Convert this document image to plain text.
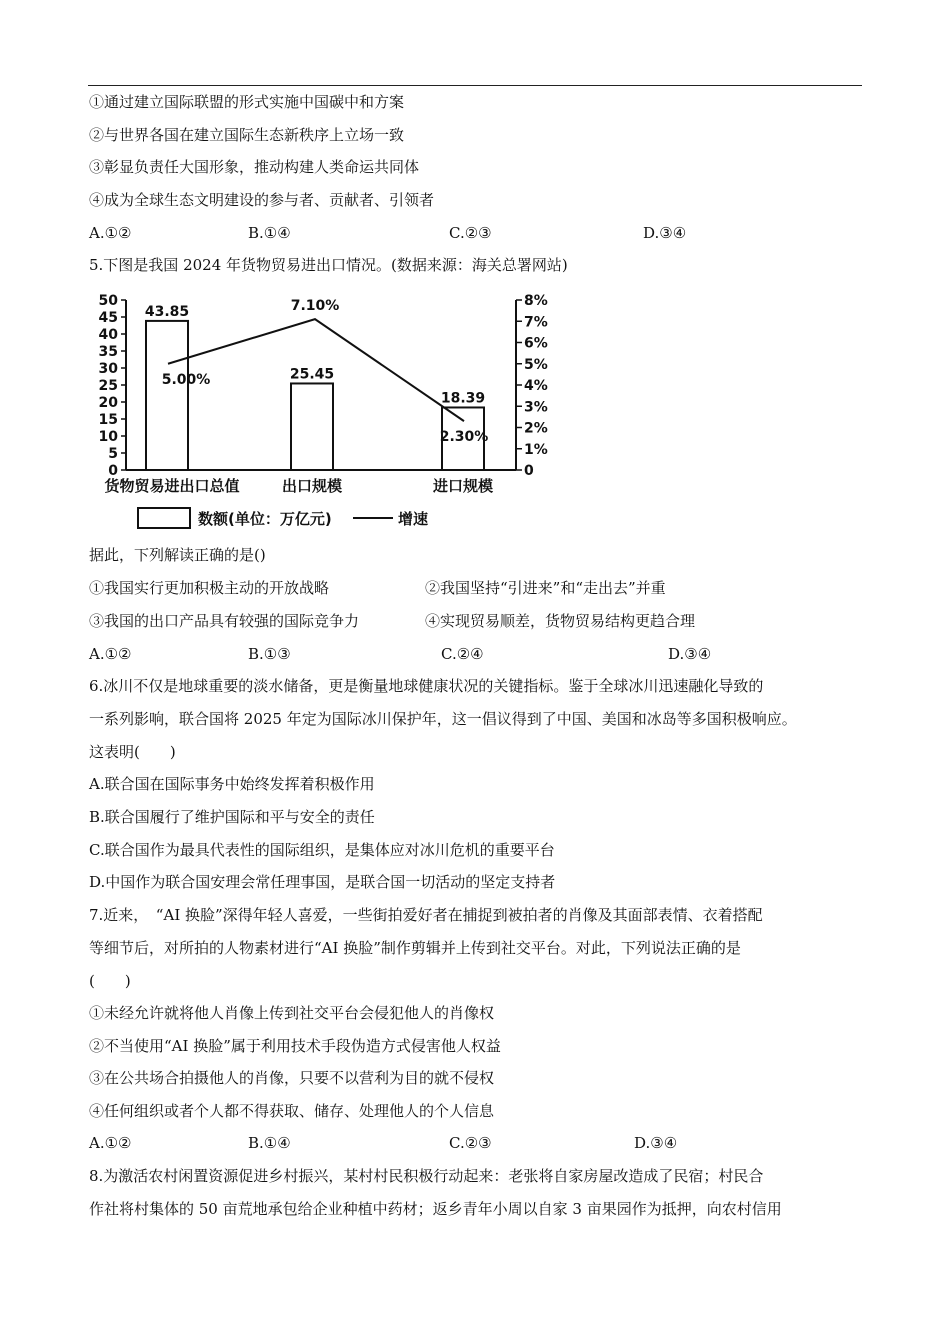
①通过建立国际联盟的形式实施中国碳中和方案
②与世界各国在建立国际生态新秩序上立场一致
③彰显负责任大国形象，推动构建人类命运共同体
④成为全球生态文明建设的参与者、贡献者、引领者
A.①②	B.①④	C.②③	D.③④
5.下图是我国 2024 年货物贸易进出口情况。(数据来源：海关总署网站)
0
5
10
15
20
25
30
35
40
45
50
0
1%
2%
3%
4%
5%
6%
7%
8%
43.85
25.45
18.39
5.00%
7.10%
2.30%
货物贸易进出口总值	出口规模	进口规模
数额(单位：万亿元)	增速
据此，下列解读正确的是()
①我国实行更加积极主动的开放战略	②我国坚持“引进来”和“走出去”并重
③我国的出口产品具有较强的国际竞争力	④实现贸易顺差，货物贸易结构更趋合理
A.①②	B.①③	C.②④	D.③④
6.冰川不仅是地球重要的淡水储备，更是衡量地球健康状况的关键指标。鉴于全球冰川迅速融化导致的
一系列影响，联合国将 2025 年定为国际冰川保护年，这一倡议得到了中国、美国和冰岛等多国积极响应。
这表明(　　)
A.联合国在国际事务中始终发挥着积极作用
B.联合国履行了维护国际和平与安全的责任
C.联合国作为最具代表性的国际组织，是集体应对冰川危机的重要平台
D.中国作为联合国安理会常任理事国，是联合国一切活动的坚定支持者
7.近来，　“AI 换脸”深得年轻人喜爱，一些街拍爱好者在捕捉到被拍者的肖像及其面部表情、衣着搭配
等细节后，对所拍的人物素材进行“AI 换脸”制作剪辑并上传到社交平台。对此，下列说法正确的是
(　　)
①未经允许就将他人肖像上传到社交平台会侵犯他人的肖像权
②不当使用“AI 换脸”属于利用技术手段伪造方式侵害他人权益
③在公共场合拍摄他人的肖像，只要不以营利为目的就不侵权
④任何组织或者个人都不得获取、储存、处理他人的个人信息
A.①②	B.①④	C.②③	D.③④
8.为激活农村闲置资源促进乡村振兴，某村村民积极行动起来：老张将自家房屋改造成了民宿；村民合
作社将村集体的 50 亩荒地承包给企业种植中药材；返乡青年小周以自家 3 亩果园作为抵押，向农村信用
